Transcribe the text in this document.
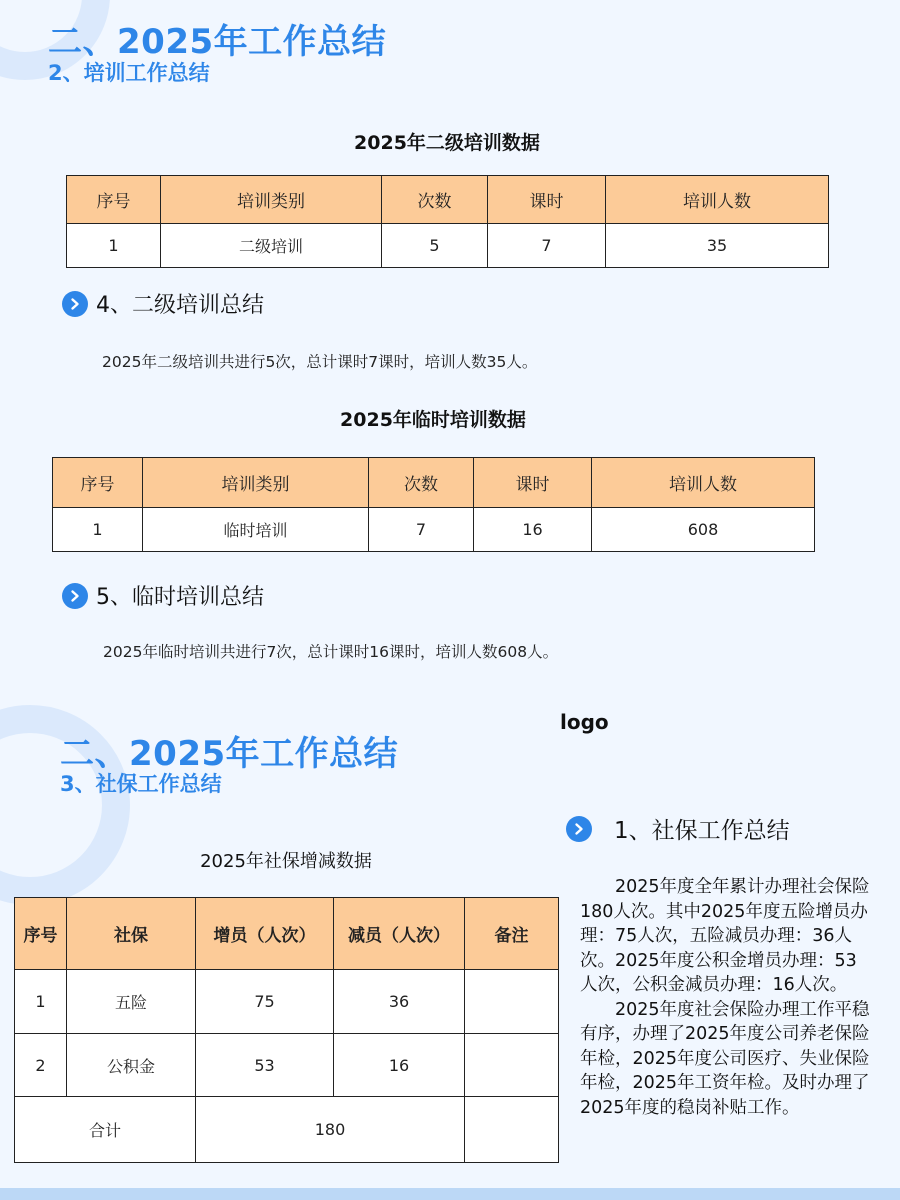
二、2025年工作总结
2、培训工作总结
2025年二级培训数据
序号	培训类别	次数	课时	培训人数
1	二级培训	5	7	35
4、二级培训总结
2025年二级培训共进行5次，总计课时7课时，培训人数35人。
2025年临时培训数据
序号	培训类别	次数	课时	培训人数
1	临时培训	7	16	608
5、临时培训总结
2025年临时培训共进行7次，总计课时16课时，培训人数608人。
二、2025年工作总结
3、社保工作总结
logo
2025年社保增减数据
序号	社保	增员（人次）	减员（人次）	备注
1	五险	75	36	
2	公积金	53	16	
合计		180		
1、社保工作总结

2025年度全年累计办理社会保险180人次。其中2025年度五险增员办理：75人次，五险减员办理：36人次。2025年度公积金增员办理：53人次，公积金减员办理：16人次。

2025年度社会保险办理工作平稳有序，办理了2025年度公司养老保险年检，2025年度公司医疗、失业保险年检，2025年工资年检。及时办理了2025年度的稳岗补贴工作。
